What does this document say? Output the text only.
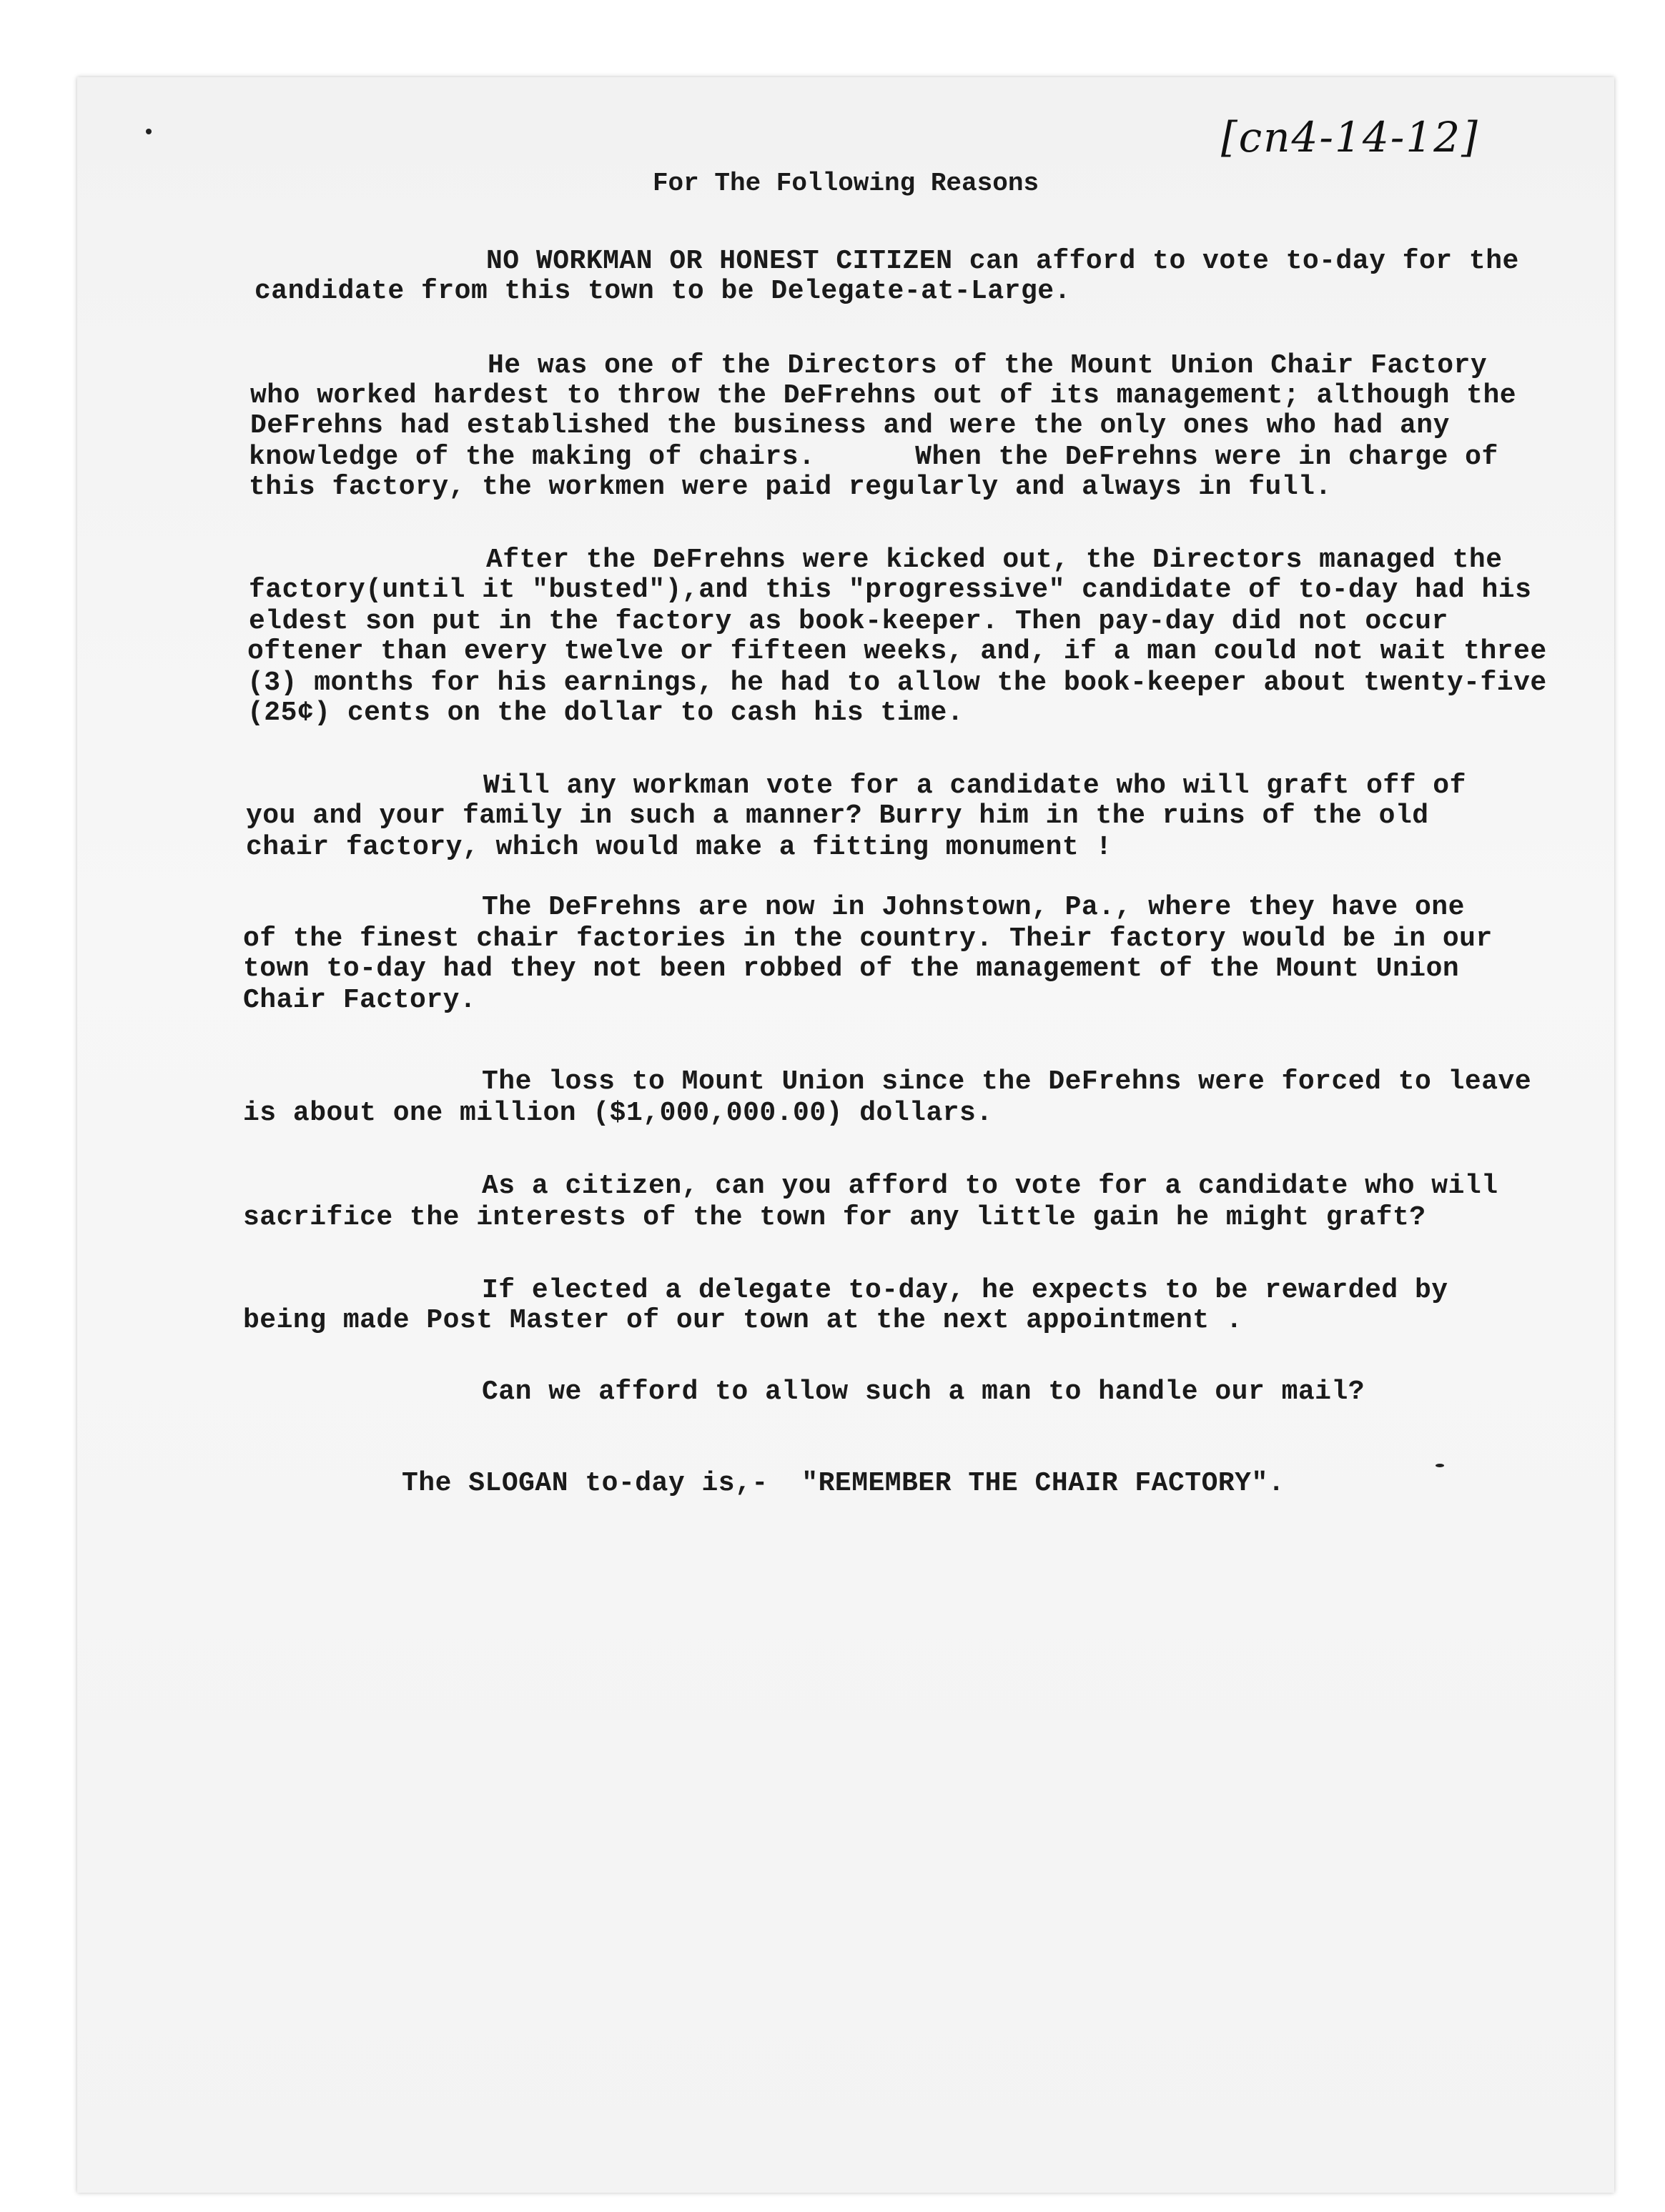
[cn4-14-12]
For The Following Reasons
NO WORKMAN OR HONEST CITIZEN can afford to vote to-day for the
candidate from this town to be Delegate-at-Large.
He was one of the Directors of the Mount Union Chair Factory
who worked hardest to throw the DeFrehns out of its management; although the
DeFrehns had established the business and were the only ones who had any
knowledge of the making of chairs.      When the DeFrehns were in charge of
this factory, the workmen were paid regularly and always in full.
After the DeFrehns were kicked out, the Directors managed the
factory(until it "busted"),and this "progressive" candidate of to-day had his
eldest son put in the factory as book-keeper. Then pay-day did not occur
oftener than every twelve or fifteen weeks, and, if a man could not wait three
(3) months for his earnings, he had to allow the book-keeper about twenty-five
(25¢) cents on the dollar to cash his time.
Will any workman vote for a candidate who will graft off of
you and your family in such a manner? Burry him in the ruins of the old
chair factory, which would make a fitting monument !
The DeFrehns are now in Johnstown, Pa., where they have one
of the finest chair factories in the country. Their factory would be in our
town to-day had they not been robbed of the management of the Mount Union
Chair Factory.
The loss to Mount Union since the DeFrehns were forced to leave
is about one million ($1,000,000.00) dollars.
As a citizen, can you afford to vote for a candidate who will
sacrifice the interests of the town for any little gain he might graft?
If elected a delegate to-day, he expects to be rewarded by
being made Post Master of our town at the next appointment .
Can we afford to allow such a man to handle our mail?
The SLOGAN to-day is,-  "REMEMBER THE CHAIR FACTORY".
